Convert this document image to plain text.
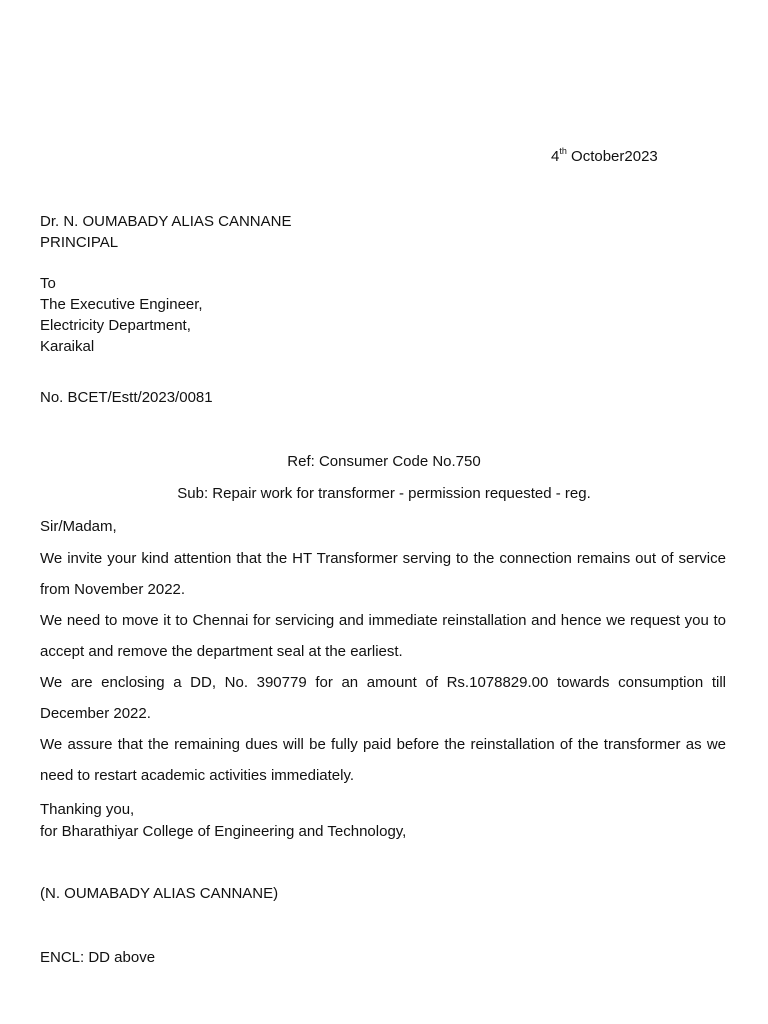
4th October2023
Dr. N. OUMABADY ALIAS CANNANE
PRINCIPAL
To
The Executive Engineer,
Electricity Department,
Karaikal
No. BCET/Estt/2023/0081
Ref: Consumer Code No.750
Sub: Repair work for transformer - permission requested - reg.
Sir/Madam,

We invite your kind attention that the HT Transformer serving to the connection remains out of service from November 2022.

We need to move it to Chennai for servicing and immediate reinstallation and hence we request you to accept and remove the department seal at the earliest.

We are enclosing a DD, No. 390779 for an amount of Rs.1078829.00 towards consumption till December 2022.

We assure that the remaining dues will be fully paid before the reinstallation of the transformer as we need to restart academic activities immediately.

Thanking you,
for Bharathiyar College of Engineering and Technology,
(N. OUMABADY ALIAS CANNANE)
ENCL: DD above
